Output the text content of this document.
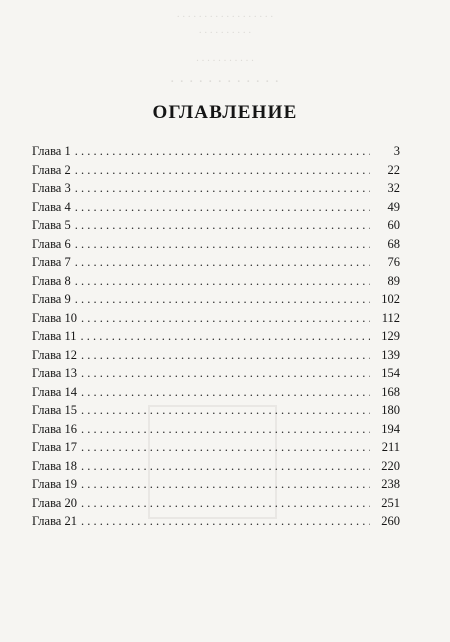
. . . . . . . . . . . . . . . . . .
. . . . . . . . . .
. . . . . . . . . . .
. . . . . . . . . . . .
ОГЛАВЛЕНИЕ
Глава 1 . . .	3
Глава 2 . . .	22
Глава 3 . . .	32
Глава 4 . . .	49
Глава 5 . . .	60
Глава 6 . . .	68
Глава 7 . . .	76
Глава 8 . . .	89
Глава 9 . . .	102
Глава 10 . . .	112
Глава 11 . . .	129
Глава 12 . . .	139
Глава 13 . . .	154
Глава 14 . . .	168
Глава 15 . . .	180
Глава 16 . . .	194
Глава 17 . . .	211
Глава 18 . . .	220
Глава 19 . . .	238
Глава 20 . . .	251
Глава 21 . . .	260
